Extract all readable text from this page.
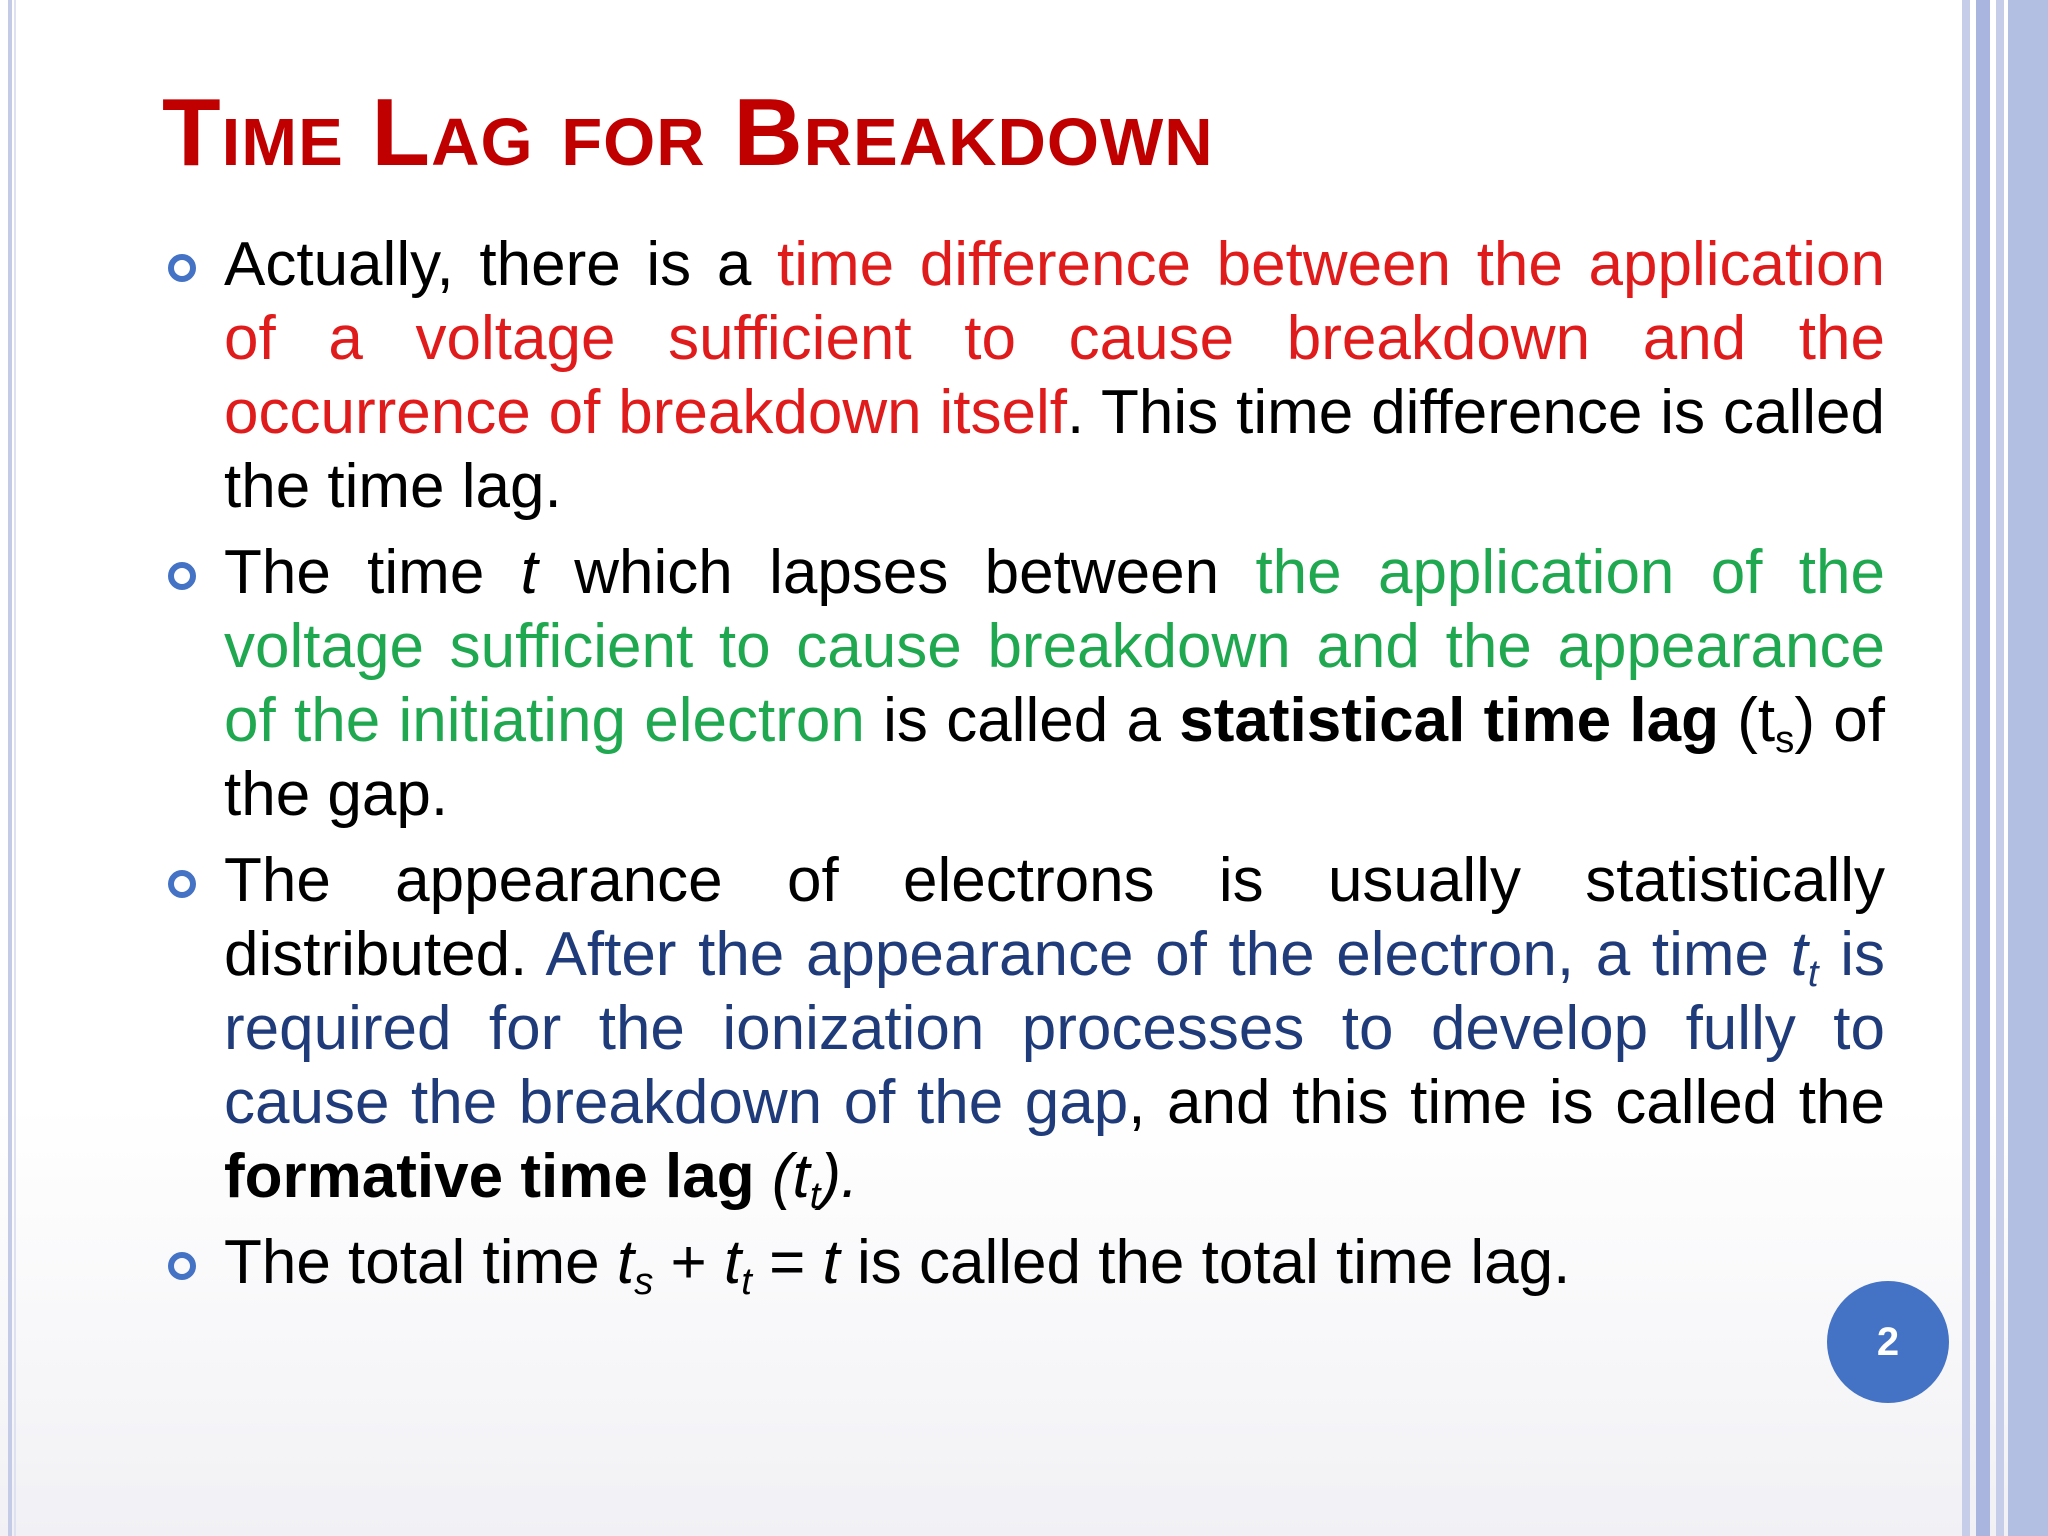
Time Lag for Breakdown
Actually, there is a time difference between the application of a voltage sufficient to cause breakdown and the occurrence of breakdown itself. This time difference is called the time lag.
The time t which lapses between the application of the voltage sufficient to cause breakdown and the appearance of the initiating electron is called a statistical time lag $(t_s)$ of the gap.
The appearance of electrons is usually statistically distributed. After the appearance of the electron, a time $t_t$ is required for the ionization processes to develop fully to cause the breakdown of the gap, and this time is called the formative time lag $(t_t)$.
The total time $t_s + t_t = t$ is called the total time lag.
2
